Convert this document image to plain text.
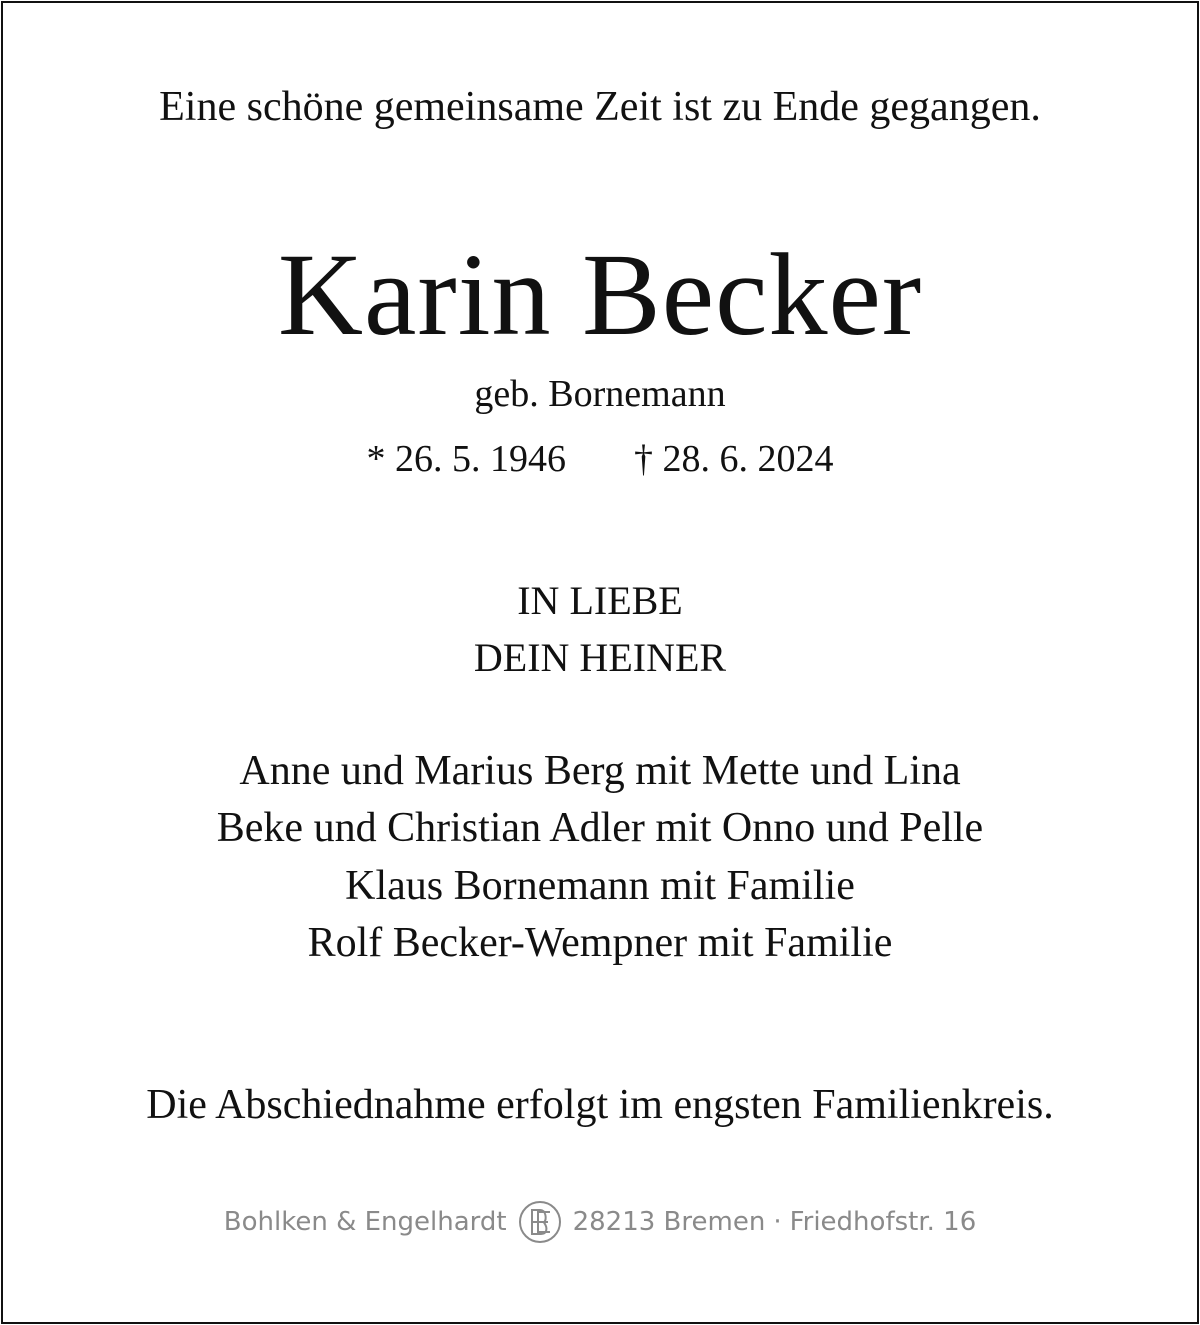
Eine schöne gemeinsame Zeit ist zu Ende gegangen.
Karin Becker
geb. Bornemann
* 26. 5. 1946 † 28. 6. 2024
IN LIEBE
DEIN HEINER
Anne und Marius Berg mit Mette und Lina
Beke und Christian Adler mit Onno und Pelle
Klaus Bornemann mit Familie
Rolf Becker-Wempner mit Familie
Die Abschiednahme erfolgt im engsten Familienkreis.
Bohlken & Engelhardt	28213 Bremen · Friedhofstr. 16
